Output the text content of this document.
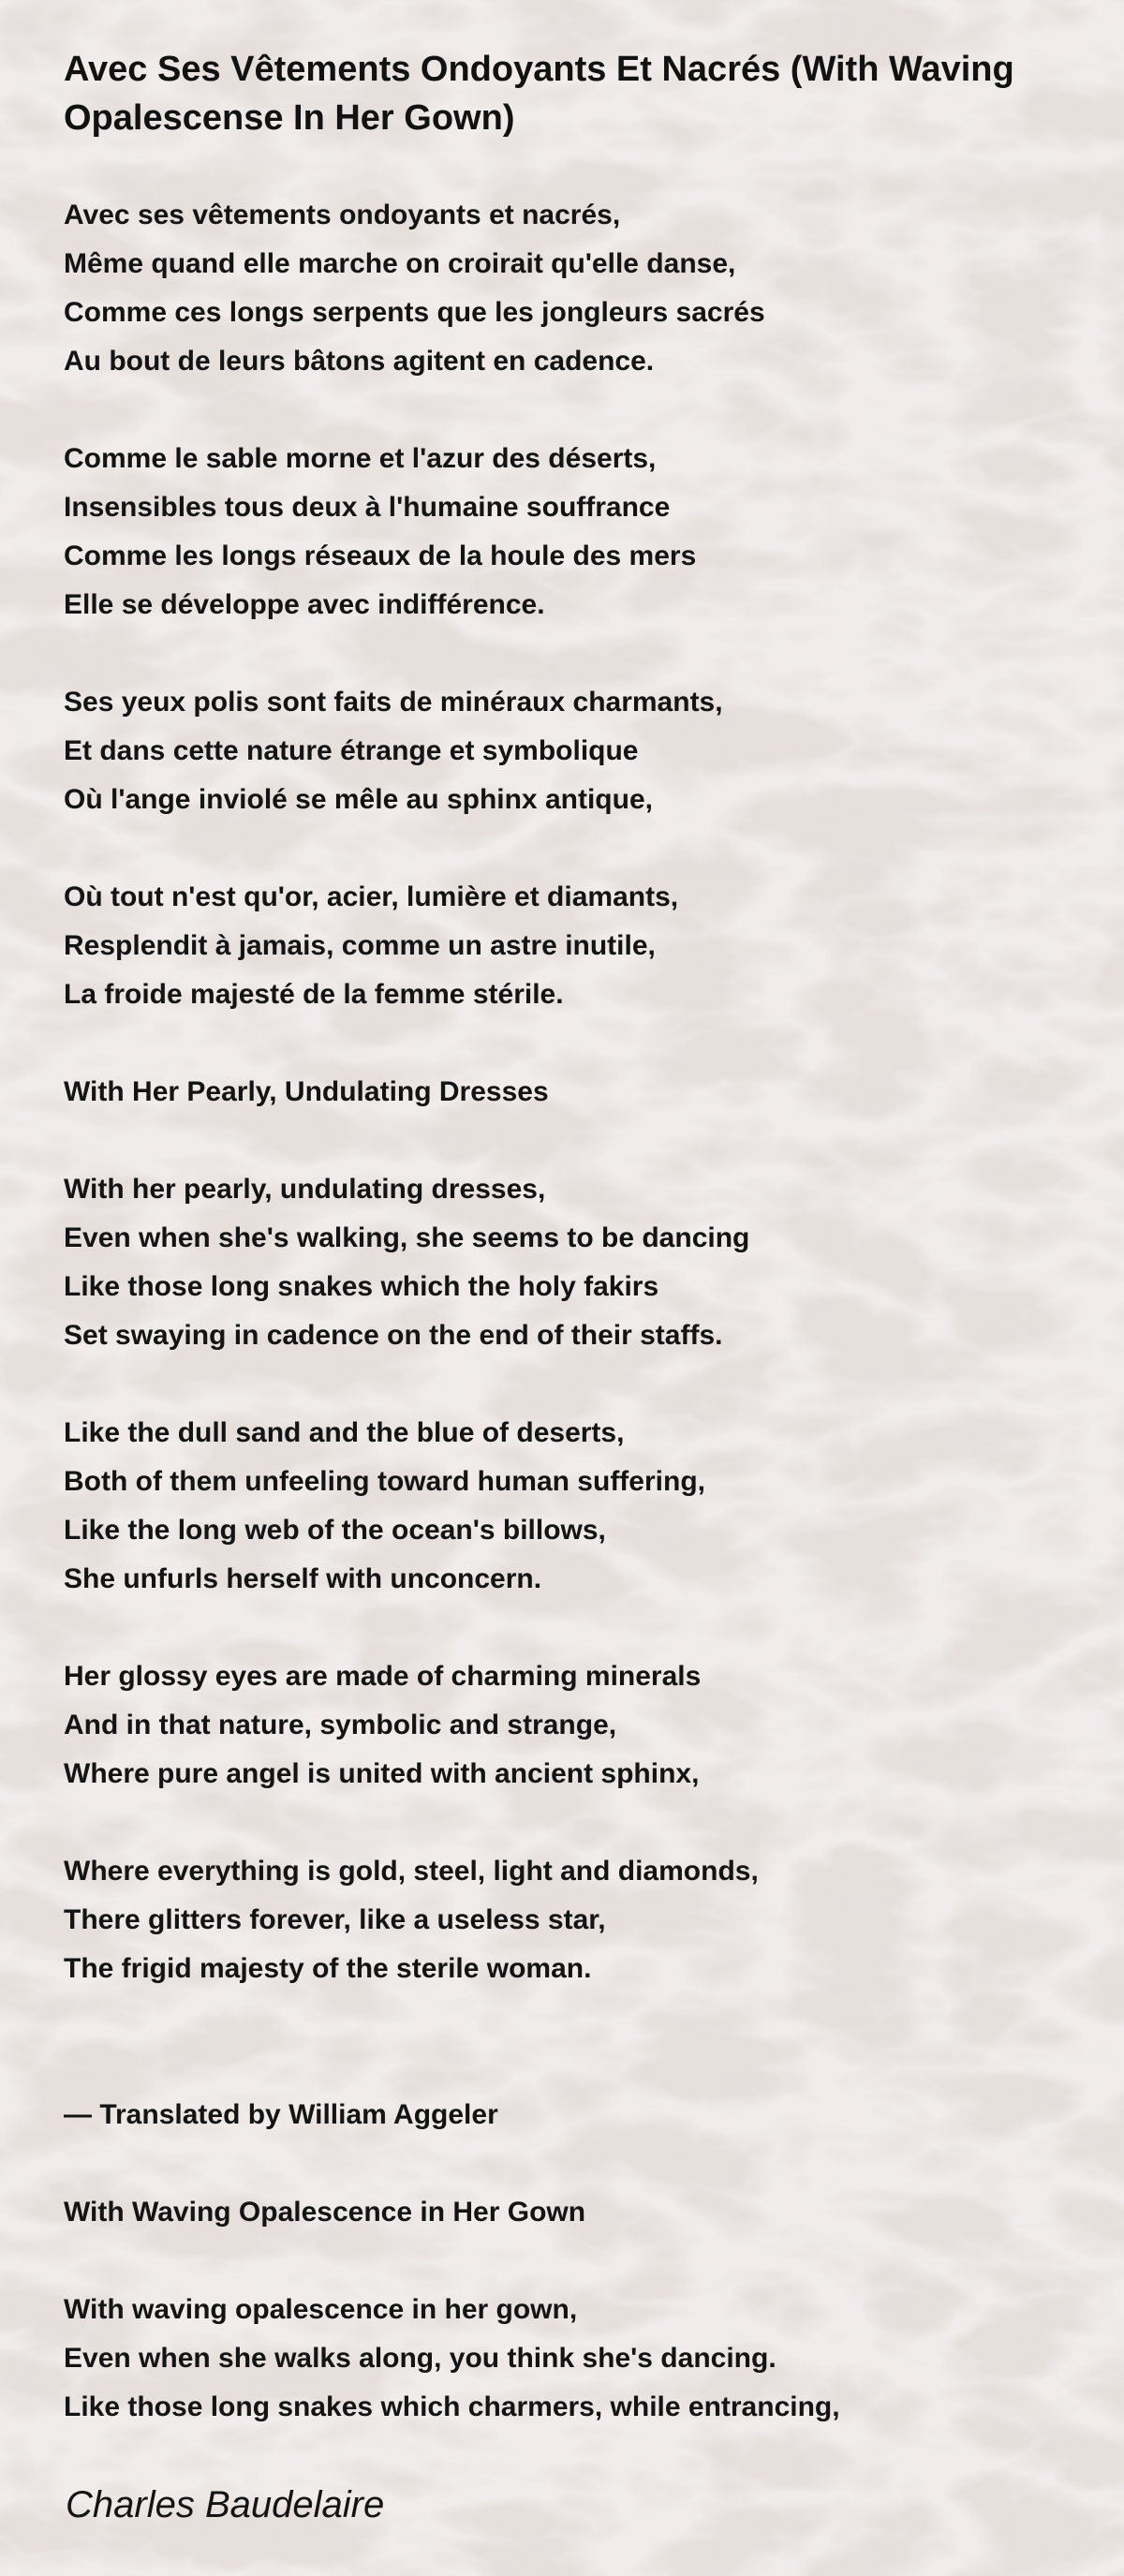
Avec Ses Vêtements Ondoyants Et Nacrés (With Waving Opalescense In Her Gown)
Avec ses vêtements ondoyants et nacrés,
Même quand elle marche on croirait qu'elle danse,
Comme ces longs serpents que les jongleurs sacrés
Au bout de leurs bâtons agitent en cadence.
Comme le sable morne et l'azur des déserts,
Insensibles tous deux à l'humaine souffrance
Comme les longs réseaux de la houle des mers
Elle se développe avec indifférence.
Ses yeux polis sont faits de minéraux charmants,
Et dans cette nature étrange et symbolique
Où l'ange inviolé se mêle au sphinx antique,
Où tout n'est qu'or, acier, lumière et diamants,
Resplendit à jamais, comme un astre inutile,
La froide majesté de la femme stérile.
With Her Pearly, Undulating Dresses
With her pearly, undulating dresses,
Even when she's walking, she seems to be dancing
Like those long snakes which the holy fakirs
Set swaying in cadence on the end of their staffs.
Like the dull sand and the blue of deserts,
Both of them unfeeling toward human suffering,
Like the long web of the ocean's billows,
She unfurls herself with unconcern.
Her glossy eyes are made of charming minerals
And in that nature, symbolic and strange,
Where pure angel is united with ancient sphinx,
Where everything is gold, steel, light and diamonds,
There glitters forever, like a useless star,
The frigid majesty of the sterile woman.
— Translated by William Aggeler
With Waving Opalescence in Her Gown
With waving opalescence in her gown,
Even when she walks along, you think she's dancing.
Like those long snakes which charmers, while entrancing,
Charles Baudelaire
